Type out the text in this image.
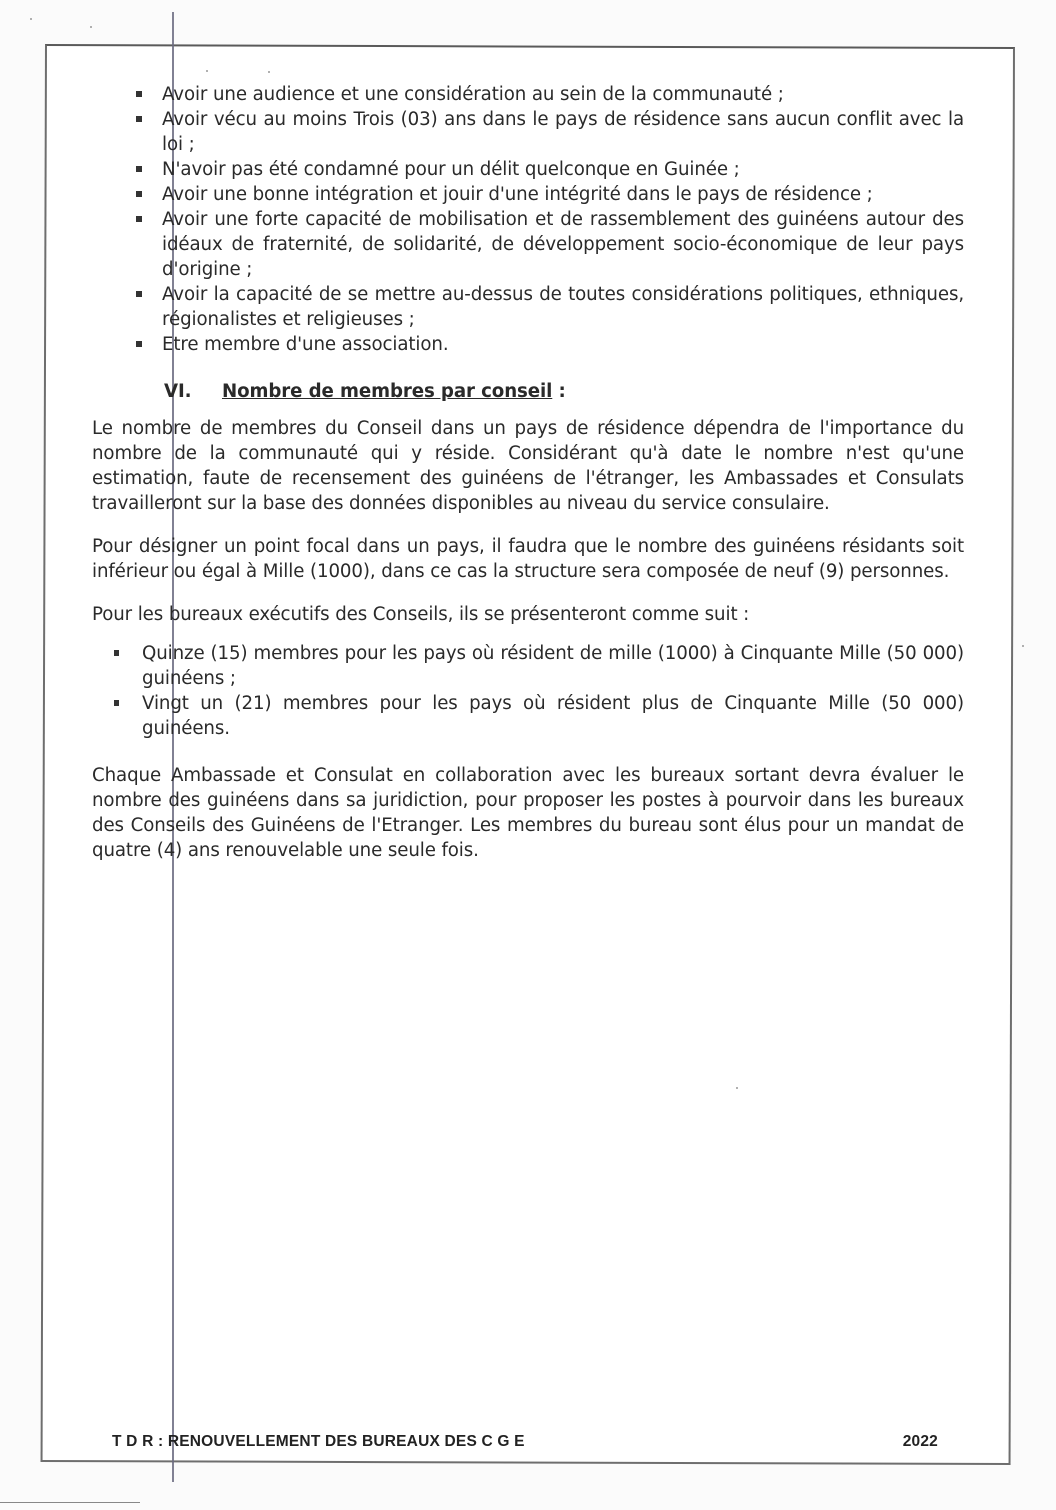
Avoir une audience et une considération au sein de la communauté ;
Avoir vécu au moins Trois (03) ans dans le pays de résidence sans aucun conflit avec la loi ;
N'avoir pas été condamné pour un délit quelconque en Guinée ;
Avoir une bonne intégration et jouir d'une intégrité dans le pays de résidence ;
Avoir une forte capacité de mobilisation et de rassemblement des guinéens autour des idéaux de fraternité, de solidarité, de développement socio-économique de leur pays d'origine ;
Avoir la capacité de se mettre au-dessus de toutes considérations politiques, ethniques, régionalistes et religieuses ;
Etre membre d'une association.
VI. Nombre de membres par conseil :

Le nombre de membres du Conseil dans un pays de résidence dépendra de l'importance du nombre de la communauté qui y réside. Considérant qu'à date le nombre n'est qu'une estimation, faute de recensement des guinéens de l'étranger, les Ambassades et Consulats travailleront sur la base des données disponibles au niveau du service consulaire.

Pour désigner un point focal dans un pays, il faudra que le nombre des guinéens résidants soit inférieur ou égal à Mille (1000), dans ce cas la structure sera composée de neuf (9) personnes.

Pour les bureaux exécutifs des Conseils, ils se présenteront comme suit :

Quinze (15) membres pour les pays où résident de mille (1000) à Cinquante Mille (50 000) guinéens ;
Vingt un (21) membres pour les pays où résident plus de Cinquante Mille (50 000) guinéens.

Chaque Ambassade et Consulat en collaboration avec les bureaux sortant devra évaluer le nombre des guinéens dans sa juridiction, pour proposer les postes à pourvoir dans les bureaux des Conseils des Guinéens de l'Etranger. Les membres du bureau sont élus pour un mandat de quatre (4) ans renouvelable une seule fois.

T D R : RENOUVELLEMENT DES BUREAUX DES C G E	2022
